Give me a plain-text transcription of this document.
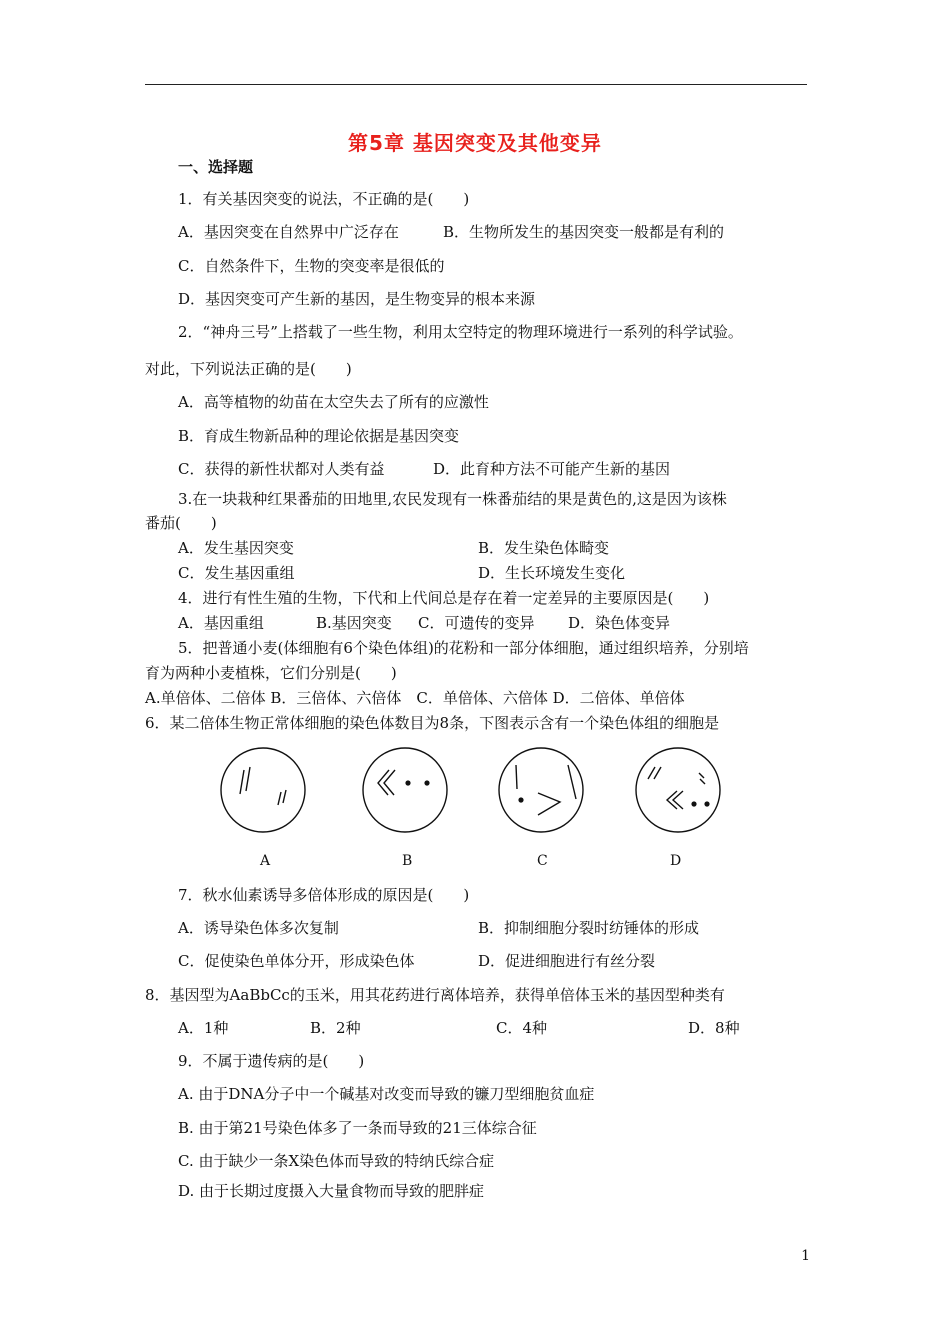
第5章 基因突变及其他变异
一、选择题
1．有关基因突变的说法，不正确的是(　　)
A．基因突变在自然界中广泛存在	B．生物所发生的基因突变一般都是有利的
C．自然条件下，生物的突变率是很低的
D．基因突变可产生新的基因，是生物变异的根本来源
2．“神舟三号”上搭载了一些生物，利用太空特定的物理环境进行一系列的科学试验。
对此，下列说法正确的是(　　)
A．高等植物的幼苗在太空失去了所有的应激性
B．育成生物新品种的理论依据是基因突变
C．获得的新性状都对人类有益	D．此育种方法不可能产生新的基因
3.在一块栽种红果番茄的田地里,农民发现有一株番茄结的果是黄色的,这是因为该株
番茄(　　)
A．发生基因突变	B．发生染色体畸变
C．发生基因重组	D．生长环境发生变化
4．进行有性生殖的生物，下代和上代间总是存在着一定差异的主要原因是(　　)
A．基因重组	B.基因突变 C．可遗传的变异 D．染色体变异
5．把普通小麦(体细胞有6个染色体组)的花粉和一部分体细胞，通过组织培养，分别培
育为两种小麦植株，它们分别是(　　)
A.单倍体、二倍体 B．三倍体、六倍体　C．单倍体、六倍体 D．二倍体、单倍体
6．某二倍体生物正常体细胞的染色体数目为8条，下图表示含有一个染色体组的细胞是
A	B	C	D
7．秋水仙素诱导多倍体形成的原因是(　　)
A．诱导染色体多次复制	B．抑制细胞分裂时纺锤体的形成
C．促使染色单体分开，形成染色体	D．促进细胞进行有丝分裂
8．基因型为AaBbCc的玉米，用其花药进行离体培养，获得单倍体玉米的基因型种类有
A．1种	B．2种	C．4种	D．8种
9．不属于遗传病的是(　　)
A. 由于DNA分子中一个碱基对改变而导致的镰刀型细胞贫血症
B. 由于第21号染色体多了一条而导致的21三体综合征
C. 由于缺少一条X染色体而导致的特纳氏综合症
D. 由于长期过度摄入大量食物而导致的肥胖症
1
